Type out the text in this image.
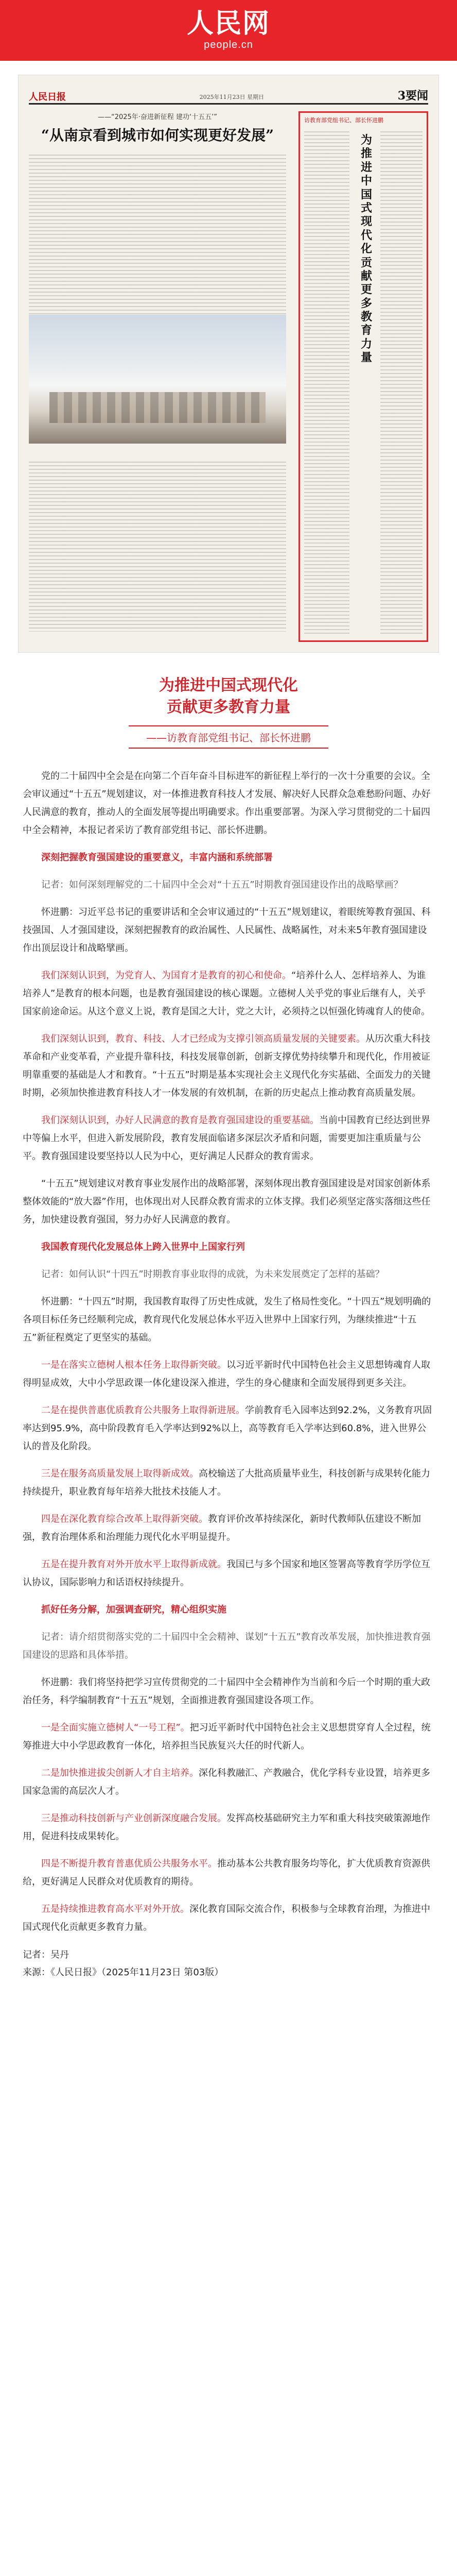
人民网
people.cn
人民日报	2025年11月23日 星期日	3要闻
——“2025年·奋进新征程 建功‘十五五’”
“从南京看到城市如何实现更好发展”
访教育部党组书记、部长怀进鹏
为推进中国式现代化贡献更多教育力量
为推进中国式现代化
贡献更多教育力量
——访教育部党组书记、部长怀进鹏

党的二十届四中全会是在向第二个百年奋斗目标进军的新征程上举行的一次十分重要的会议。全会审议通过“十五五”规划建议，对一体推进教育科技人才发展、解决好人民群众急难愁盼问题、办好人民满意的教育，推动人的全面发展等提出明确要求。作出重要部署。为深入学习贯彻党的二十届四中全会精神，本报记者采访了教育部党组书记、部长怀进鹏。

深刻把握教育强国建设的重要意义，丰富内涵和系统部署

记者：如何深刻理解党的二十届四中全会对“十五五”时期教育强国建设作出的战略擘画？

怀进鹏：习近平总书记的重要讲话和全会审议通过的“十五五”规划建议，着眼统筹教育强国、科技强国、人才强国建设，深刻把握教育的政治属性、人民属性、战略属性，对未来5年教育强国建设作出顶层设计和战略擘画。

我们深刻认识到，为党育人、为国育才是教育的初心和使命。“培养什么人、怎样培养人、为谁培养人”是教育的根本问题，也是教育强国建设的核心课题。立德树人关乎党的事业后继有人，关乎国家前途命运。从这个意义上说，教育是国之大计，党之大计，必须持之以恒强化铸魂育人的使命。

我们深刻认识到，教育、科技、人才已经成为支撑引领高质量发展的关键要素。从历次重大科技革命和产业变革看，产业提升靠科技，科技发展靠创新，创新支撑优势持续攀升和现代化，作用被证明靠重要的基础是人才和教育。“十五五”时期是基本实现社会主义现代化夯实基础、全面发力的关键时期，必须加快推进教育科技人才一体发展的有效机制，在新的历史起点上推动教育高质量发展。

我们深刻认识到，办好人民满意的教育是教育强国建设的重要基础。当前中国教育已经达到世界中等偏上水平，但进入新发展阶段，教育发展面临诸多深层次矛盾和问题，需要更加注重质量与公平。教育强国建设要坚持以人民为中心，更好满足人民群众的教育需求。

“十五五”规划建议对教育事业发展作出的战略部署，深刻体现出教育强国建设是对国家创新体系整体效能的“放大器”作用，也体现出对人民群众教育需求的立体支撑。我们必须坚定落实落细这些任务，加快建设教育强国，努力办好人民满意的教育。

我国教育现代化发展总体上跨入世界中上国家行列

记者：如何认识“十四五”时期教育事业取得的成就，为未来发展奠定了怎样的基础？

怀进鹏：“十四五”时期，我国教育取得了历史性成就，发生了格局性变化。“十四五”规划明确的各项目标任务已经顺利完成，教育现代化发展总体水平迈入世界中上国家行列，为继续推进“十五五”新征程奠定了更坚实的基础。

一是在落实立德树人根本任务上取得新突破。以习近平新时代中国特色社会主义思想铸魂育人取得明显成效，大中小学思政课一体化建设深入推进，学生的身心健康和全面发展得到更多关注。

二是在提供普惠优质教育公共服务上取得新进展。学前教育毛入园率达到92.2%，义务教育巩固率达到95.9%，高中阶段教育毛入学率达到92%以上，高等教育毛入学率达到60.8%，进入世界公认的普及化阶段。

三是在服务高质量发展上取得新成效。高校输送了大批高质量毕业生，科技创新与成果转化能力持续提升，职业教育每年培养大批技术技能人才。

四是在深化教育综合改革上取得新突破。教育评价改革持续深化，新时代教师队伍建设不断加强，教育治理体系和治理能力现代化水平明显提升。

五是在提升教育对外开放水平上取得新成就。我国已与多个国家和地区签署高等教育学历学位互认协议，国际影响力和话语权持续提升。

抓好任务分解，加强调查研究，精心组织实施

记者：请介绍贯彻落实党的二十届四中全会精神、谋划“十五五”教育改革发展，加快推进教育强国建设的思路和具体举措。

怀进鹏：我们将坚持把学习宣传贯彻党的二十届四中全会精神作为当前和今后一个时期的重大政治任务，科学编制教育“十五五”规划，全面推进教育强国建设各项工作。

一是全面实施立德树人“一号工程”。把习近平新时代中国特色社会主义思想贯穿育人全过程，统筹推进大中小学思政教育一体化，培养担当民族复兴大任的时代新人。

二是加快推进拔尖创新人才自主培养。深化科教融汇、产教融合，优化学科专业设置，培养更多国家急需的高层次人才。

三是推动科技创新与产业创新深度融合发展。发挥高校基础研究主力军和重大科技突破策源地作用，促进科技成果转化。

四是不断提升教育普惠优质公共服务水平。推动基本公共教育服务均等化，扩大优质教育资源供给，更好满足人民群众对优质教育的期待。

五是持续推进教育高水平对外开放。深化教育国际交流合作，积极参与全球教育治理，为推进中国式现代化贡献更多教育力量。

记者：吴丹
来源：《人民日报》（2025年11月23日 第03版）
